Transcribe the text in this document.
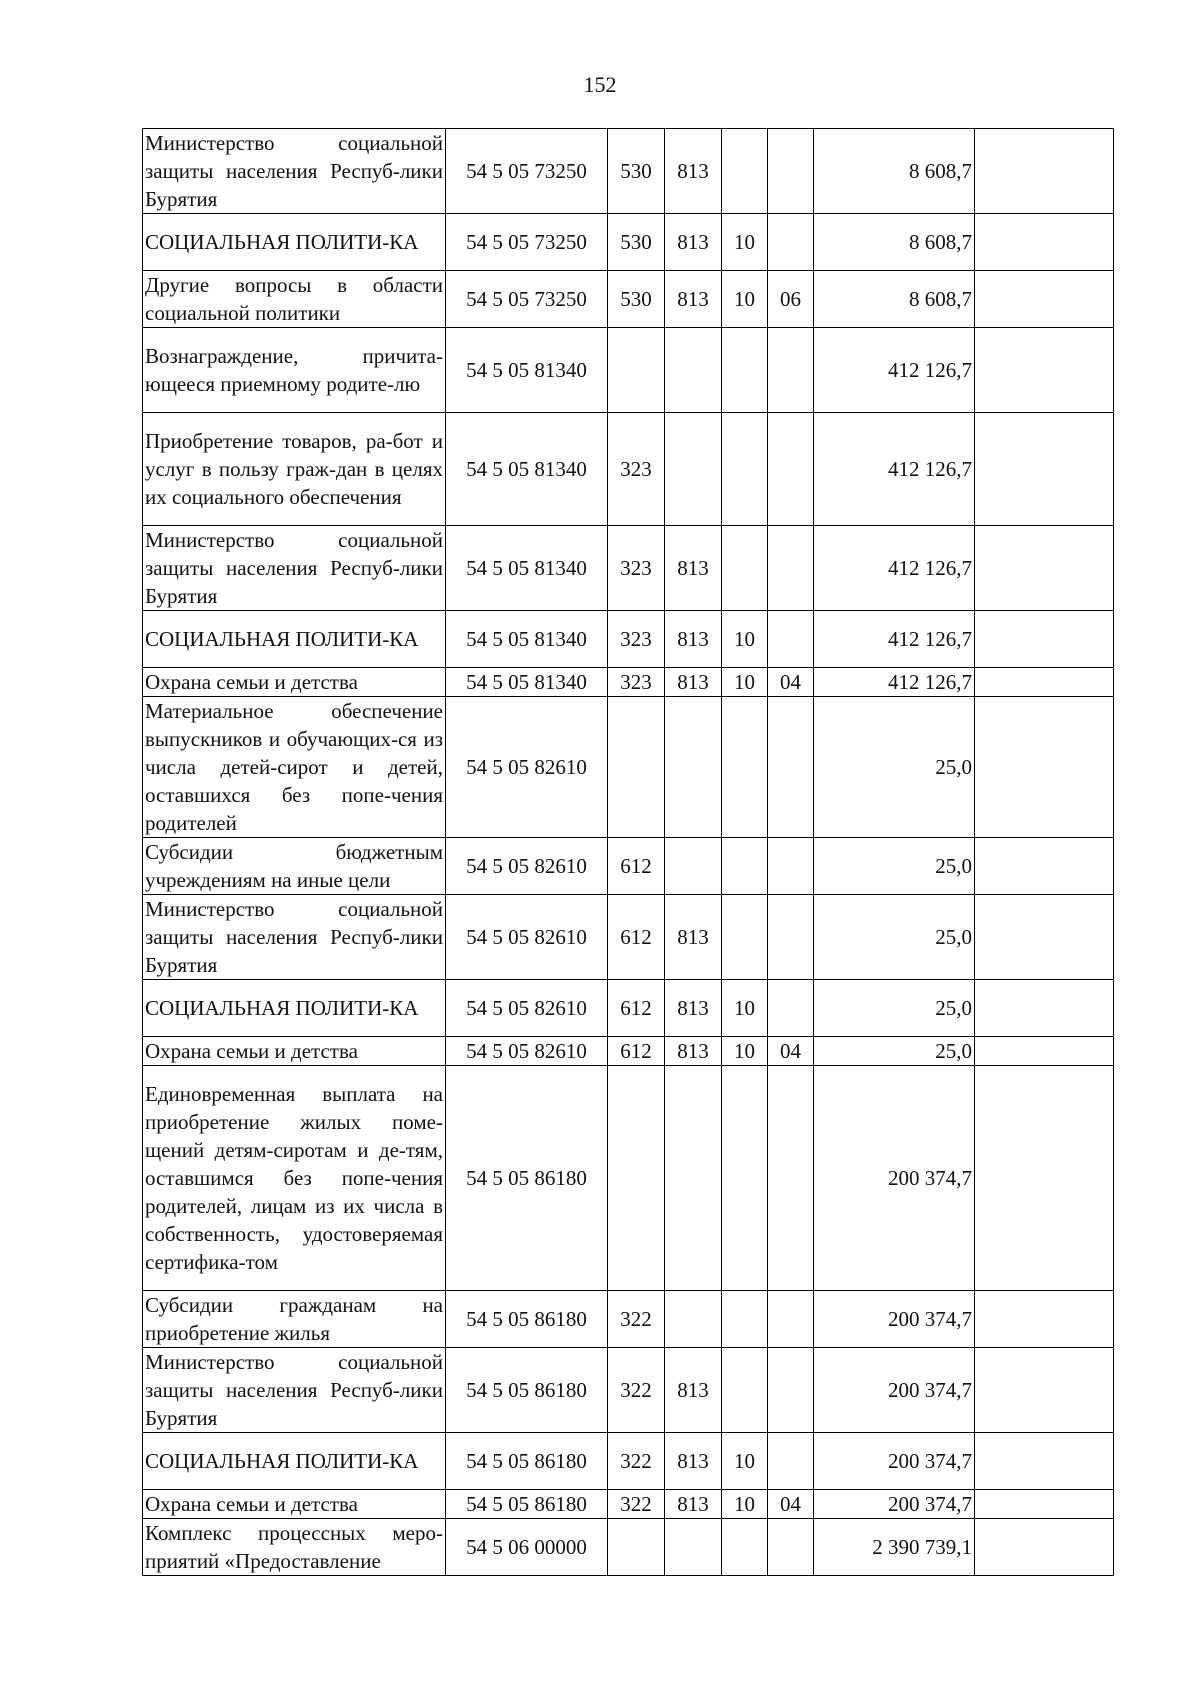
152
Министерство социальной защиты населения Респуб-лики Бурятия	54 5 05 73250	530	813			8 608,7	
СОЦИАЛЬНАЯ ПОЛИТИ-КА	54 5 05 73250	530	813	10		8 608,7	
Другие вопросы в области социальной политики	54 5 05 73250	530	813	10	06	8 608,7	
Вознаграждение, причита-ющееся приемному родите-лю	54 5 05 81340					412 126,7	
Приобретение товаров, ра-бот и услуг в пользу граж-дан в целях их социального обеспечения	54 5 05 81340	323				412 126,7	
Министерство социальной защиты населения Респуб-лики Бурятия	54 5 05 81340	323	813			412 126,7	
СОЦИАЛЬНАЯ ПОЛИТИ-КА	54 5 05 81340	323	813	10		412 126,7	
Охрана семьи и детства	54 5 05 81340	323	813	10	04	412 126,7	
Материальное обеспечение выпускников и обучающих-ся из числа детей-сирот и детей, оставшихся без попе-чения родителей	54 5 05 82610					25,0	
Субсидии бюджетным учреждениям на иные цели	54 5 05 82610	612				25,0	
Министерство социальной защиты населения Респуб-лики Бурятия	54 5 05 82610	612	813			25,0	
СОЦИАЛЬНАЯ ПОЛИТИ-КА	54 5 05 82610	612	813	10		25,0	
Охрана семьи и детства	54 5 05 82610	612	813	10	04	25,0	
Единовременная выплата на приобретение жилых поме-щений детям-сиротам и де-тям, оставшимся без попе-чения родителей, лицам из их числа в собственность, удостоверяемая сертифика-том	54 5 05 86180					200 374,7	
Субсидии гражданам на приобретение жилья	54 5 05 86180	322				200 374,7	
Министерство социальной защиты населения Респуб-лики Бурятия	54 5 05 86180	322	813			200 374,7	
СОЦИАЛЬНАЯ ПОЛИТИ-КА	54 5 05 86180	322	813	10		200 374,7	
Охрана семьи и детства	54 5 05 86180	322	813	10	04	200 374,7	
Комплекс процессных меро-приятий «Предоставление	54 5 06 00000					2 390 739,1	
